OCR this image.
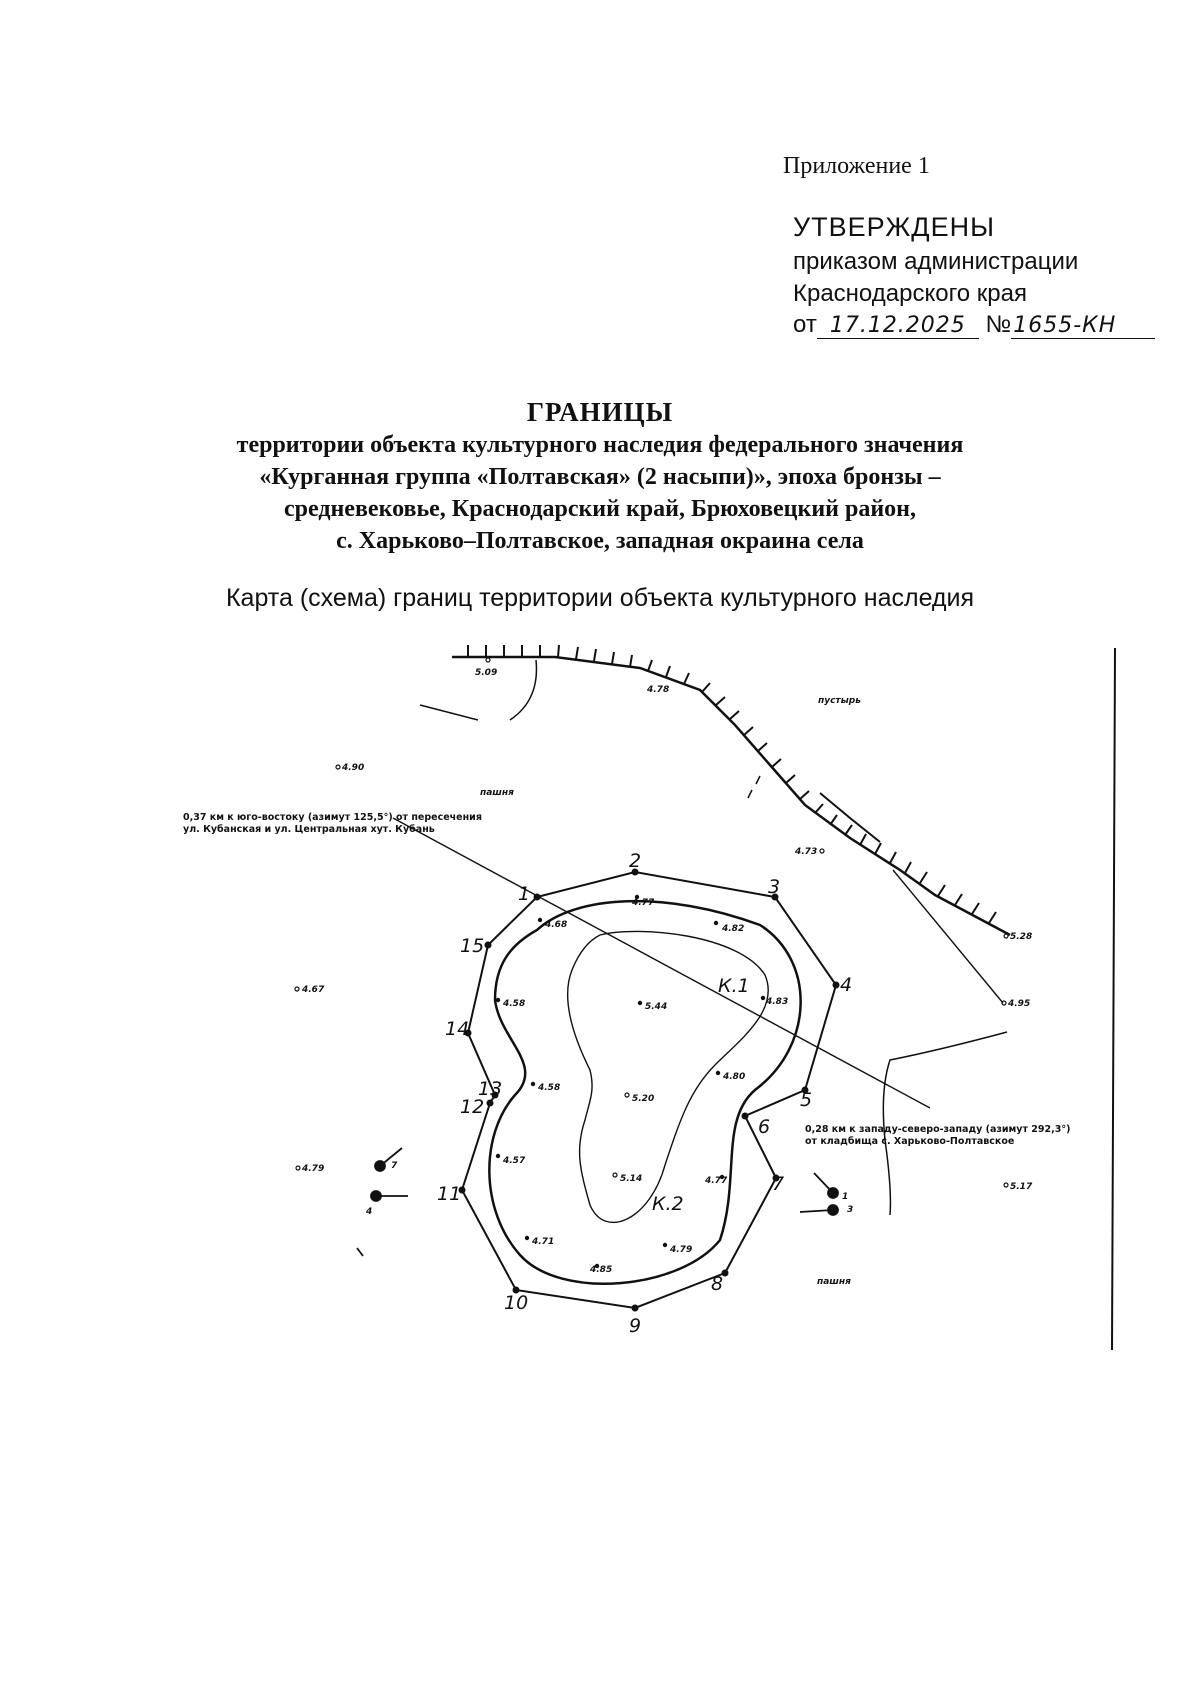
Приложение 1
УТВЕРЖДЕНЫ
приказом администрации
Краснодарского края
от 17.12.2025 №1655-КН
ГРАНИЦЫ
территории объекта культурного наследия федерального значения
«Курганная группа «Полтавская» (2 насыпи)», эпоха бронзы –
средневековье, Краснодарский край, Брюховецкий район,
с. Харьково–Полтавское, западная окраина села
Карта (схема) границ территории объекта культурного наследия
1
2
3
4
5
6
7
8
9
10
11
12
13
14
15
К.1
К.2
5.09
4.78
4.90
4.73
5.28
4.95
4.67
4.77
4.68	4.82
4.58	5.44	4.83
4.58
5.20
4.80
4.57
5.14	4.77
4.71
4.85
4.79
4.79
5.17
пустырь
пашня
пашня
0,37 км к юго-востоку (азимут 125,5°) от пересечения
ул. Кубанская и ул. Центральная хут. Кубань
0,28 км к западу-северо-западу (азимут 292,3°)
от кладбища с. Харьково-Полтавское
7
4
1
3
